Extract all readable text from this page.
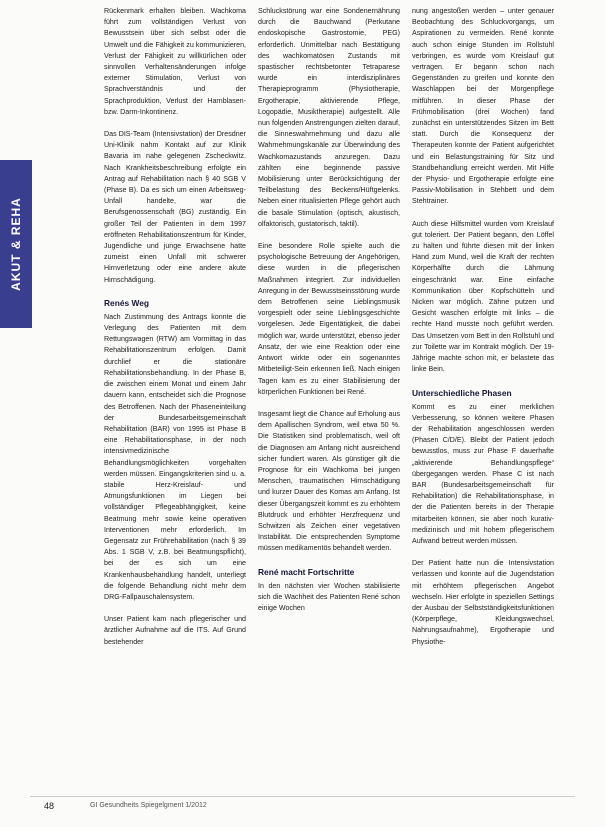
AKUT & REHA

Rückenmark erhalten bleiben. Wachkoma führt zum vollständigen Verlust von Bewusstsein über sich selbst oder die Umwelt und die Fähigkeit zu kommunizieren, Verlust der Fähigkeit zu willkürlichen oder sinnvollen Verhaltensänderungen infolge externer Stimulation, Verlust von Sprachverständnis und der Sprachproduktion, Verlust der Harnblasen- bzw. Darm-Inkontinenz.

Das DIS-Team (Intensivstation) der Dresdner Uni-Klinik nahm Kontakt auf zur Klinik Bavaria im nahe gelegenen Zscheckwitz. Nach Krankheitsbeschreibung erfolgte ein Antrag auf Rehabilitation nach § 40 SGB V (Phase B). Da es sich um einen Arbeitsweg-Unfall handelte, war die Berufsgenossenschaft (BG) zuständig. Ein großer Teil der Patienten in dem 1997 eröffneten Rehabilitationszentrum für Kinder, Jugendliche und junge Erwachsene hatte zumeist einen Unfall mit schwerer Hirnverletzung oder eine andere akute Hirnschädigung.

Renés Weg

Nach Zustimmung des Antrags konnte die Verlegung des Patienten mit dem Rettungswagen (RTW) am Vormittag in das Rehabilitationszentrum erfolgen. Damit durchlief er die stationäre Rehabilitationsbehandlung. In der Phase B, die zwischen einem Monat und einem Jahr dauern kann, entscheidet sich die Prognose des Betroffenen. Nach der Phaseneinteilung der Bundesarbeitsgemeinschaft Rehabilitation (BAR) von 1995 ist Phase B eine Rehabilitationsphase, in der noch intensivmedizinische Behandlungsmöglichkeiten vorgehalten werden müssen. Eingangskriterien sind u. a. stabile Herz-Kreislauf- und Atmungsfunktionen im Liegen bei vollständiger Pflegeabhängigkeit, keine Beatmung mehr sowie keine operativen Interventionen mehr erforderlich. Im Gegensatz zur Frührehabilitation (nach § 39 Abs. 1 SGB V, z.B. bei Beatmungspflicht), bei der es sich um eine Krankenhausbehandlung handelt, unterliegt die folgende Behandlung nicht mehr dem DRG-Fallpauschalensystem.

Unser Patient kam nach pflegerischer und ärztlicher Aufnahme auf die ITS. Auf Grund bestehender

Schluckstörung war eine Sondenernährung durch die Bauchwand (Perkutane endoskopische Gastrostomie, PEG) erforderlich. Unmittelbar nach Bestätigung des wachkomatösen Zustands mit spastischer rechtsbetonter Tetraparese wurde ein interdisziplinäres Therapieprogramm (Physiotherapie, Ergotherapie, aktivierende Pflege, Logopädie, Musiktherapie) aufgestellt. Alle nun folgenden Anstrengungen zielten darauf, die Sinneswahrnehmung und dazu alle Wahrnehmungskanäle zur Überwindung des Wachkomazustands anzuregen. Dazu zählten eine beginnende passive Mobilisierung unter Berücksichtigung der Teilbelastung des Beckens/Hüftgelenks. Neben einer ritualisierten Pflege gehört auch die basale Stimulation (optisch, akustisch, olfaktorisch, gustatorisch, taktil).

Eine besondere Rolle spielte auch die psychologische Betreuung der Angehörigen, diese wurden in die pflegerischen Maßnahmen integriert. Zur individuellen Anregung in der Bewusstseinsstörung wurde dem Betroffenen seine Lieblingsmusik vorgespielt oder seine Lieblingsgeschichte vorgelesen. Jede Eigentätigkeit, die dabei möglich war, wurde unterstützt, ebenso jeder Ansatz, der wie eine Reaktion oder eine Antwort wirkte oder ein sogenanntes Mitbeteiligt-Sein erkennen ließ. Nach einigen Tagen kam es zu einer Stabilisierung der körperlichen Funktionen bei René.

Insgesamt liegt die Chance auf Erholung aus dem Apallischen Syndrom, weil etwa 50 %. Die Statistiken sind problematisch, weil oft die Diagnosen am Anfang nicht ausreichend sicher fundiert waren. Als günstiger gilt die Prognose für ein Wachkoma bei jungen Menschen, traumatischen Hirnschädigung und kurzer Dauer des Komas am Anfang. Ist dieser Übergangszeit kommt es zu erhöhtem Blutdruck und erhöhter Herzfrequenz und Schwitzen als Zeichen einer vegetativen Instabilität. Die entsprechenden Symptome müssen medikamentös behandelt werden.

René macht Fortschritte

In den nächsten vier Wochen stabilisierte sich die Wachheit des Patienten René schon einige Wochen

nung angestoßen werden – unter genauer Beobachtung des Schluckvorgangs, um Aspirationen zu vermeiden. René konnte auch schon einige Stunden im Rollstuhl verbringen, es wurde vom Kreislauf gut vertragen. Er begann schon nach Gegenständen zu greifen und konnte den Waschlappen bei der Morgenpflege mitführen. In dieser Phase der Frühmobilisation (drei Wochen) fand zunächst ein unterstützendes Sitzen im Bett statt. Durch die Konsequenz der Therapeuten konnte der Patient aufgerichtet und ein Belastungstraining für Sitz und Standbehandlung erreicht werden. Mit Hilfe der Physio- und Ergotherapie erfolgte eine Passiv-Mobilisation in Stehbett und dem Stehtrainer.

Auch diese Hilfsmittel wurden vom Kreislauf gut toleriert. Der Patient begann, den Löffel zu halten und führte diesen mit der linken Hand zum Mund, weil die Kraft der rechten Körperhälfte durch die Lähmung eingeschränkt war. Eine einfache Kommunikation über Kopfschütteln und Nicken war möglich. Zähne putzen und Gesicht waschen erfolgte mit links – die rechte Hand musste noch geführt werden. Das Umsetzen vom Bett in den Rollstuhl und zur Toilette war im Kontrakt möglich. Der 19-Jährige machte schon mit, er belastete das linke Bein.

Unterschiedliche Phasen

Kommt es zu einer merklichen Verbesserung, so können weitere Phasen der Rehabilitation angeschlossen werden (Phasen C/D/E). Bleibt der Patient jedoch bewusstlos, muss zur Phase F dauerhafte „aktivierende Behandlungspflege“ übergegangen werden. Phase C ist nach BAR (Bundesarbeitsgemeinschaft für Rehabilitation) die Rehabilitationsphase, in der die Patienten bereits in der Therapie mitarbeiten können, sie aber noch kurativ-medizinisch und mit hohem pflegerischem Aufwand betreut werden müssen.

Der Patient hatte nun die Intensivstation verlassen und konnte auf die Jugendstation mit erhöhtem pflegerischen Angebot wechseln. Hier erfolgte in speziellen Settings der Ausbau der Selbstständigkeitsfunktionen (Körperpflege, Kleidungswechsel, Nahrungsaufnahme), Ergotherapie und Physiothe-

48	GI Gesundheits Spiegelgment 1/2012
